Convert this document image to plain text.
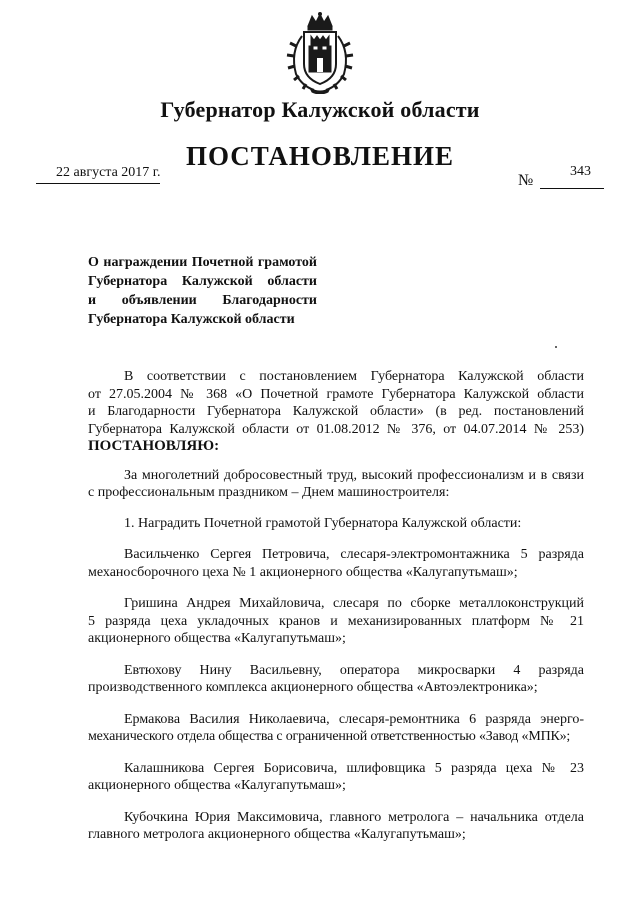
Губернатор Калужской области
ПОСТАНОВЛЕНИЕ
22 августа 2017 г.	№
343
О награждении Почетной грамотой
Губернатора Калужской области
и объявлении Благодарности
Губернатора Калужской области

В соответствии с постановлением Губернатора Калужской области

от 27.05.2004 № 368 «О Почетной грамоте Губернатора Калужской области

и Благодарности Губернатора Калужской области» (в ред. постановлений

Губернатора Калужской области от 01.08.2012 № 376, от 04.07.2014 № 253)

ПОСТАНОВЛЯЮ:

За многолетний добросовестный труд, высокий профессионализм и в связи

с профессиональным праздником – Днем машиностроителя:

1. Наградить Почетной грамотой Губернатора Калужской области:

Васильченко Сергея Петровича, слесаря-электромонтажника 5 разряда

механосборочного цеха № 1 акционерного общества «Калугапутьмаш»;

Гришина Андрея Михайловича, слесаря по сборке металлоконструкций

5 разряда цеха укладочных кранов и механизированных платформ № 21

акционерного общества «Калугапутьмаш»;

Евтюхову Нину Васильевну, оператора микросварки 4 разряда

производственного комплекса акционерного общества «Автоэлектроника»;

Ермакова Василия Николаевича, слесаря-ремонтника 6 разряда энерго-

механического отдела общества с ограниченной ответственностью «Завод «МПК»;

Калашникова Сергея Борисовича, шлифовщика 5 разряда цеха № 23

акционерного общества «Калугапутьмаш»;

Кубочкина Юрия Максимовича, главного метролога – начальника отдела

главного метролога акционерного общества «Калугапутьмаш»;
